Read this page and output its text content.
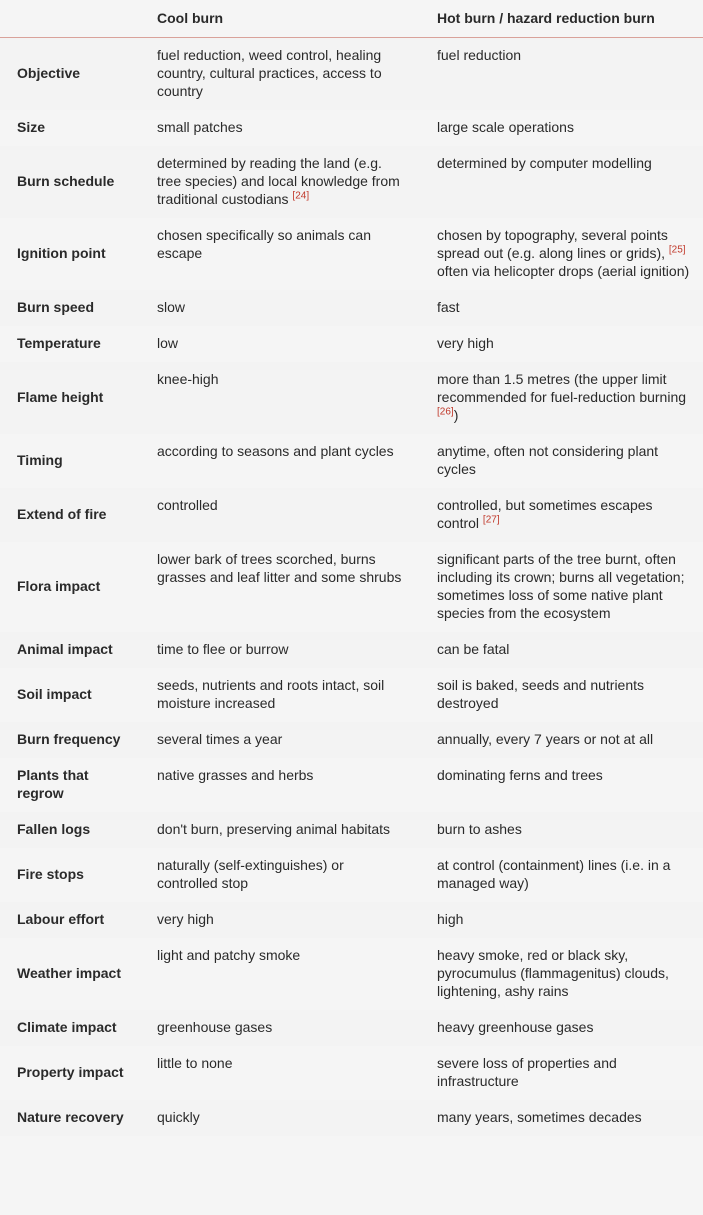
	Cool burn	Hot burn / hazard reduction burn
Objective	fuel reduction, weed control, healing country, cultural practices, access to country	fuel reduction
Size	small patches	large scale operations
Burn schedule	determined by reading the land (e.g. tree species) and local knowledge from traditional custodians [24]	determined by computer modelling
Ignition point	chosen specifically so animals can escape	chosen by topography, several points spread out (e.g. along lines or grids), [25] often via helicopter drops (aerial ignition)
Burn speed	slow	fast
Temperature	low	very high
Flame height	knee-high	more than 1.5 metres (the upper limit recommended for fuel-reduction burning [26])
Timing	according to seasons and plant cycles	anytime, often not considering plant cycles
Extend of fire	controlled	controlled, but sometimes escapes control [27]
Flora impact	lower bark of trees scorched, burns grasses and leaf litter and some shrubs	significant parts of the tree burnt, often including its crown; burns all vegetation; sometimes loss of some native plant species from the ecosystem
Animal impact	time to flee or burrow	can be fatal
Soil impact	seeds, nutrients and roots intact, soil moisture increased	soil is baked, seeds and nutrients destroyed
Burn frequency	several times a year	annually, every 7 years or not at all
Plants that regrow	native grasses and herbs	dominating ferns and trees
Fallen logs	don't burn, preserving animal habitats	burn to ashes
Fire stops	naturally (self-extinguishes) or controlled stop	at control (containment) lines (i.e. in a managed way)
Labour effort	very high	high
Weather impact	light and patchy smoke	heavy smoke, red or black sky, pyrocumulus (flammagenitus) clouds, lightening, ashy rains
Climate impact	greenhouse gases	heavy greenhouse gases
Property impact	little to none	severe loss of properties and infrastructure
Nature recovery	quickly	many years, sometimes decades
